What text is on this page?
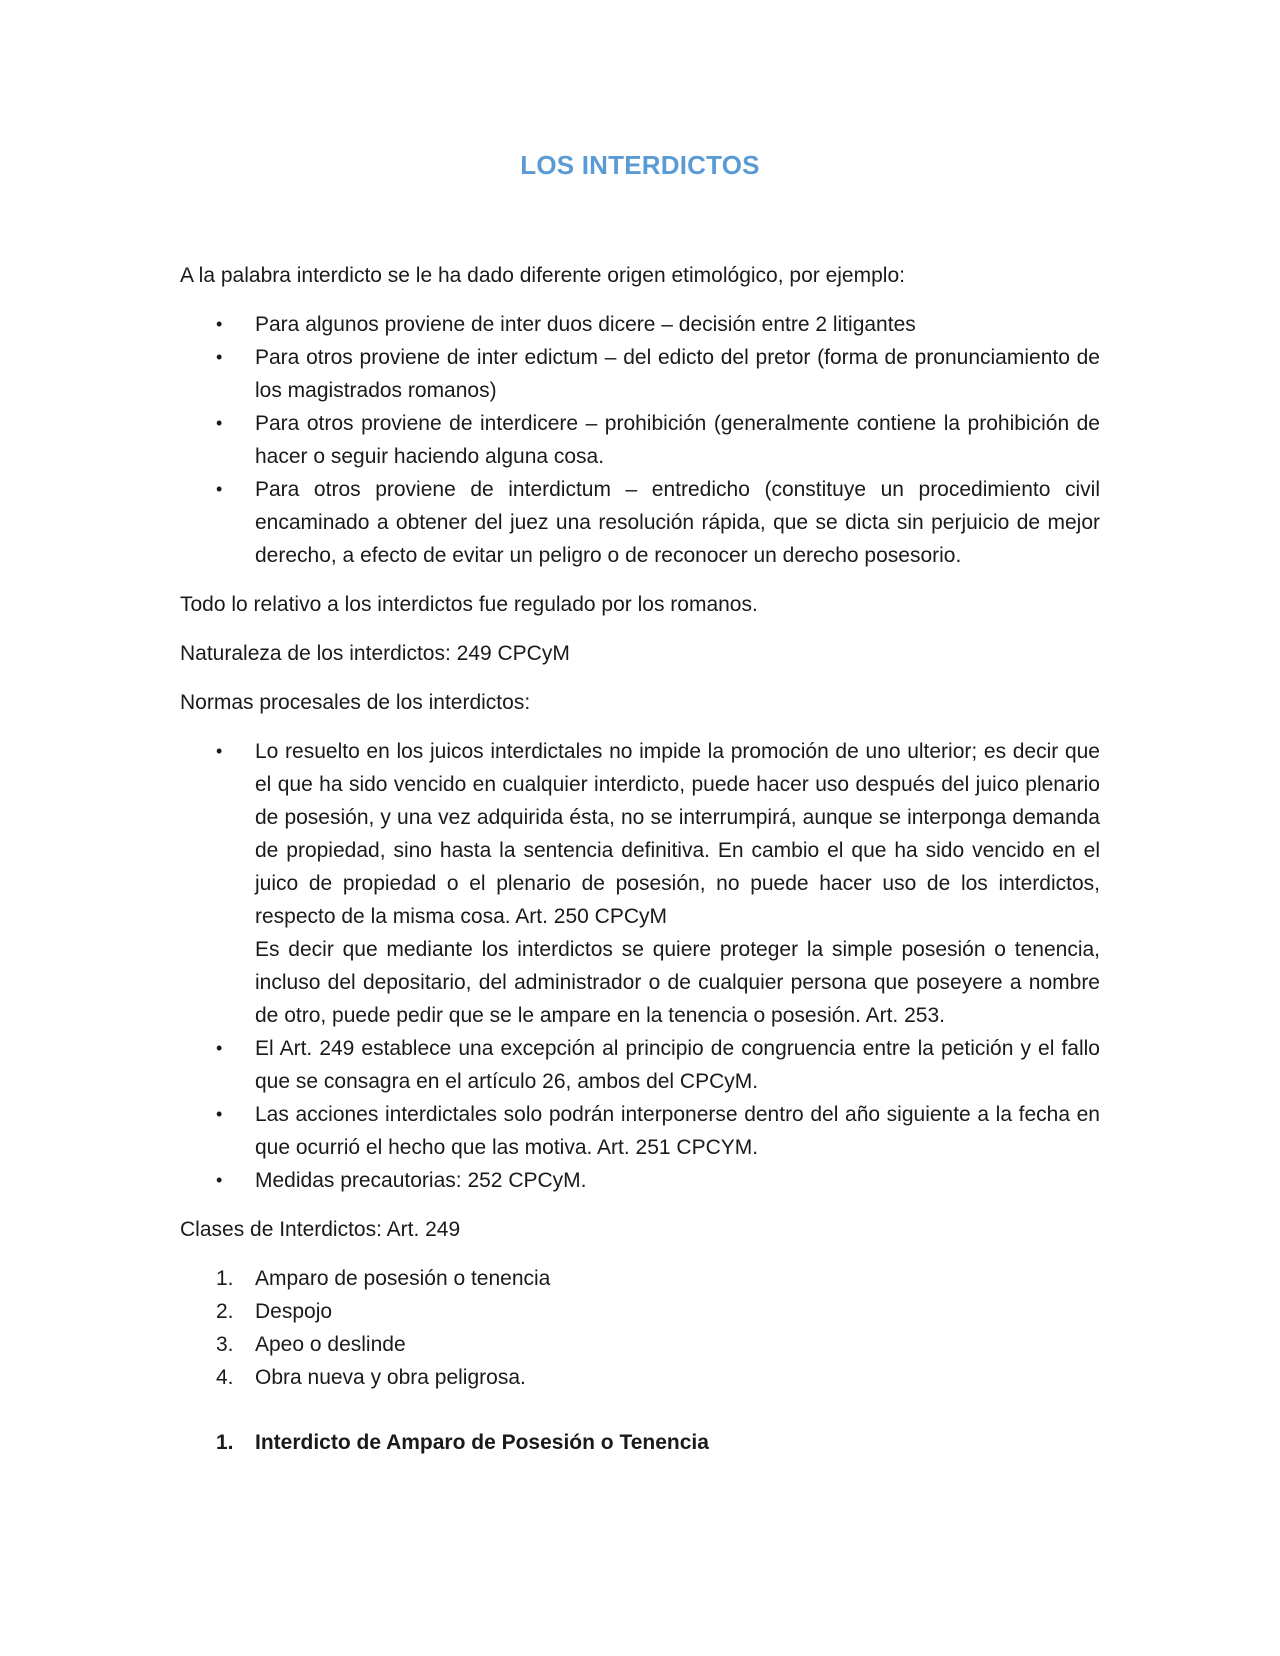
LOS INTERDICTOS

A la palabra interdicto se le ha dado diferente origen etimológico, por ejemplo:

• Para algunos proviene de inter duos dicere – decisión entre 2 litigantes
• Para otros proviene de inter edictum – del edicto del pretor (forma de pronunciamiento de los magistrados romanos)
• Para otros proviene de interdicere – prohibición (generalmente contiene la prohibición de hacer o seguir haciendo alguna cosa.
• Para otros proviene de interdictum – entredicho (constituye un procedimiento civil encaminado a obtener del juez una resolución rápida, que se dicta sin perjuicio de mejor derecho, a efecto de evitar un peligro o de reconocer un derecho posesorio.

Todo lo relativo a los interdictos fue regulado por los romanos.

Naturaleza de los interdictos: 249 CPCyM

Normas procesales de los interdictos:

• Lo resuelto en los juicos interdictales no impide la promoción de uno ulterior; es decir que el que ha sido vencido en cualquier interdicto, puede hacer uso después del juico plenario de posesión, y una vez adquirida ésta, no se interrumpirá, aunque se interponga demanda de propiedad, sino hasta la sentencia definitiva. En cambio el que ha sido vencido en el juico de propiedad o el plenario de posesión, no puede hacer uso de los interdictos, respecto de la misma cosa. Art. 250 CPCyM
Es decir que mediante los interdictos se quiere proteger la simple posesión o tenencia, incluso del depositario, del administrador o de cualquier persona que poseyere a nombre de otro, puede pedir que se le ampare en la tenencia o posesión. Art. 253.
• El Art. 249 establece una excepción al principio de congruencia entre la petición y el fallo que se consagra en el artículo 26, ambos del CPCyM.
• Las acciones interdictales solo podrán interponerse dentro del año siguiente a la fecha en que ocurrió el hecho que las motiva. Art. 251 CPCYM.
• Medidas precautorias: 252 CPCyM.

Clases de Interdictos: Art. 249

1. Amparo de posesión o tenencia
2. Despojo
3. Apeo o deslinde
4. Obra nueva y obra peligrosa.
1. Interdicto de Amparo de Posesión o Tenencia
